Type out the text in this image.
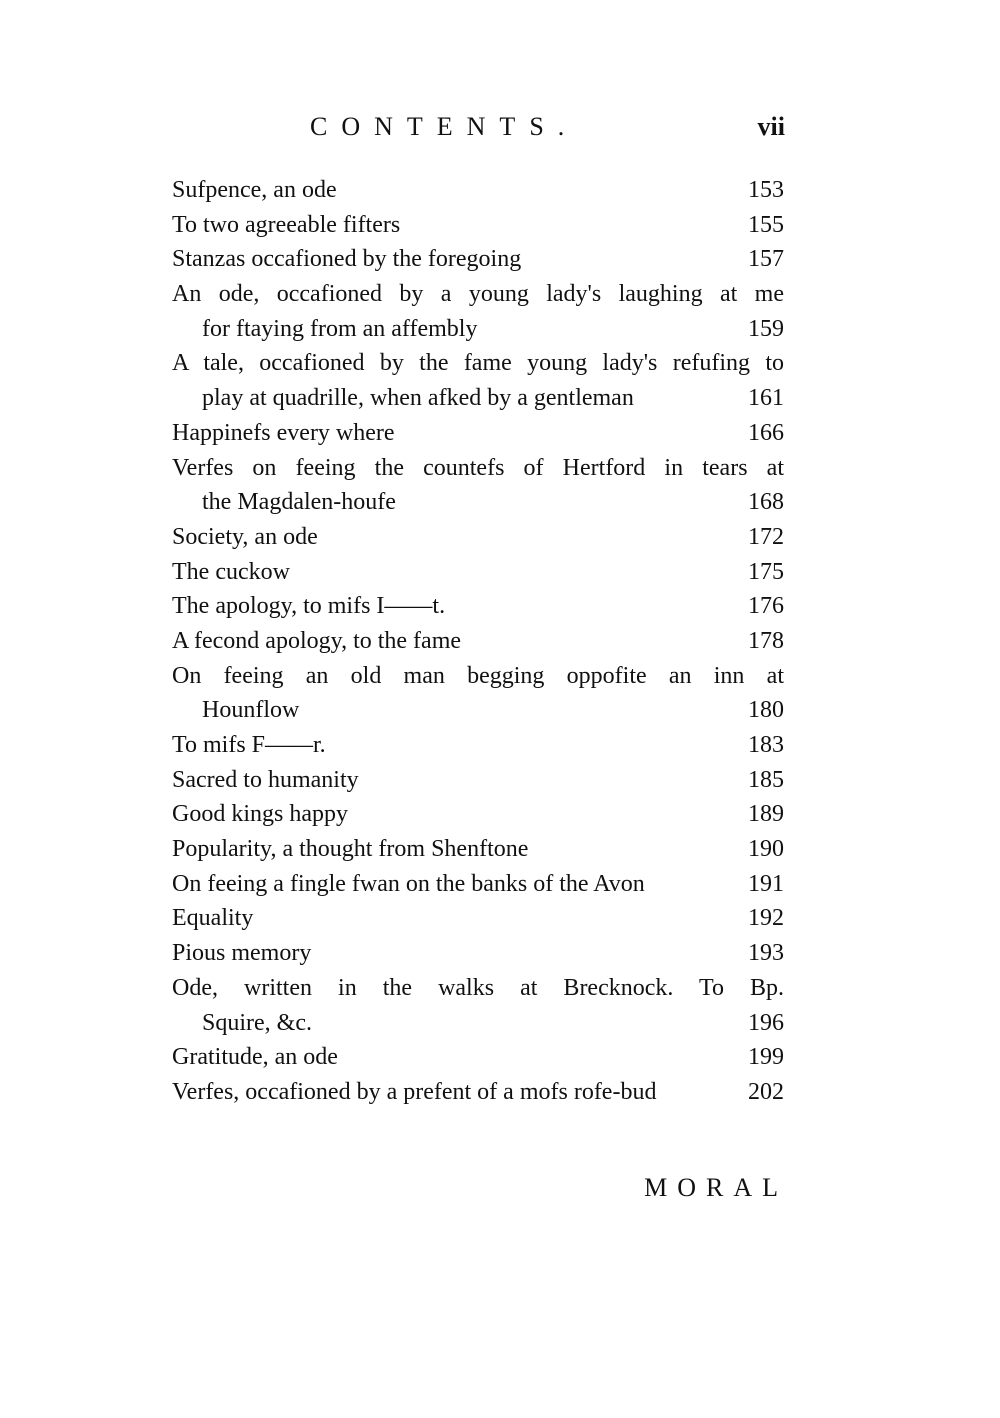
CONTENTS.	vii
Sufpence, an ode	153
To two agreeable fifters	155
Stanzas occafioned by the foregoing	157
An ode, occafioned by a young lady's laughing at me
for ftaying from an affembly	159
A tale, occafioned by the fame young lady's refufing to
play at quadrille, when afked by a gentleman	161
Happinefs every where	166
Verfes on feeing the countefs of Hertford in tears at
the Magdalen-houfe	168
Society, an ode	172
The cuckow	175
The apology, to mifs I——t.	176
A fecond apology, to the fame	178
On feeing an old man begging oppofite an inn at
Hounflow	180
To mifs F——r.	183
Sacred to humanity	185
Good kings happy	189
Popularity, a thought from Shenftone	190
On feeing a fingle fwan on the banks of the Avon	191
Equality	192
Pious memory	193
Ode, written in the walks at Brecknock. To Bp.
Squire, &c.	196
Gratitude, an ode	199
Verfes, occafioned by a prefent of a mofs rofe-bud	202
MORAL
